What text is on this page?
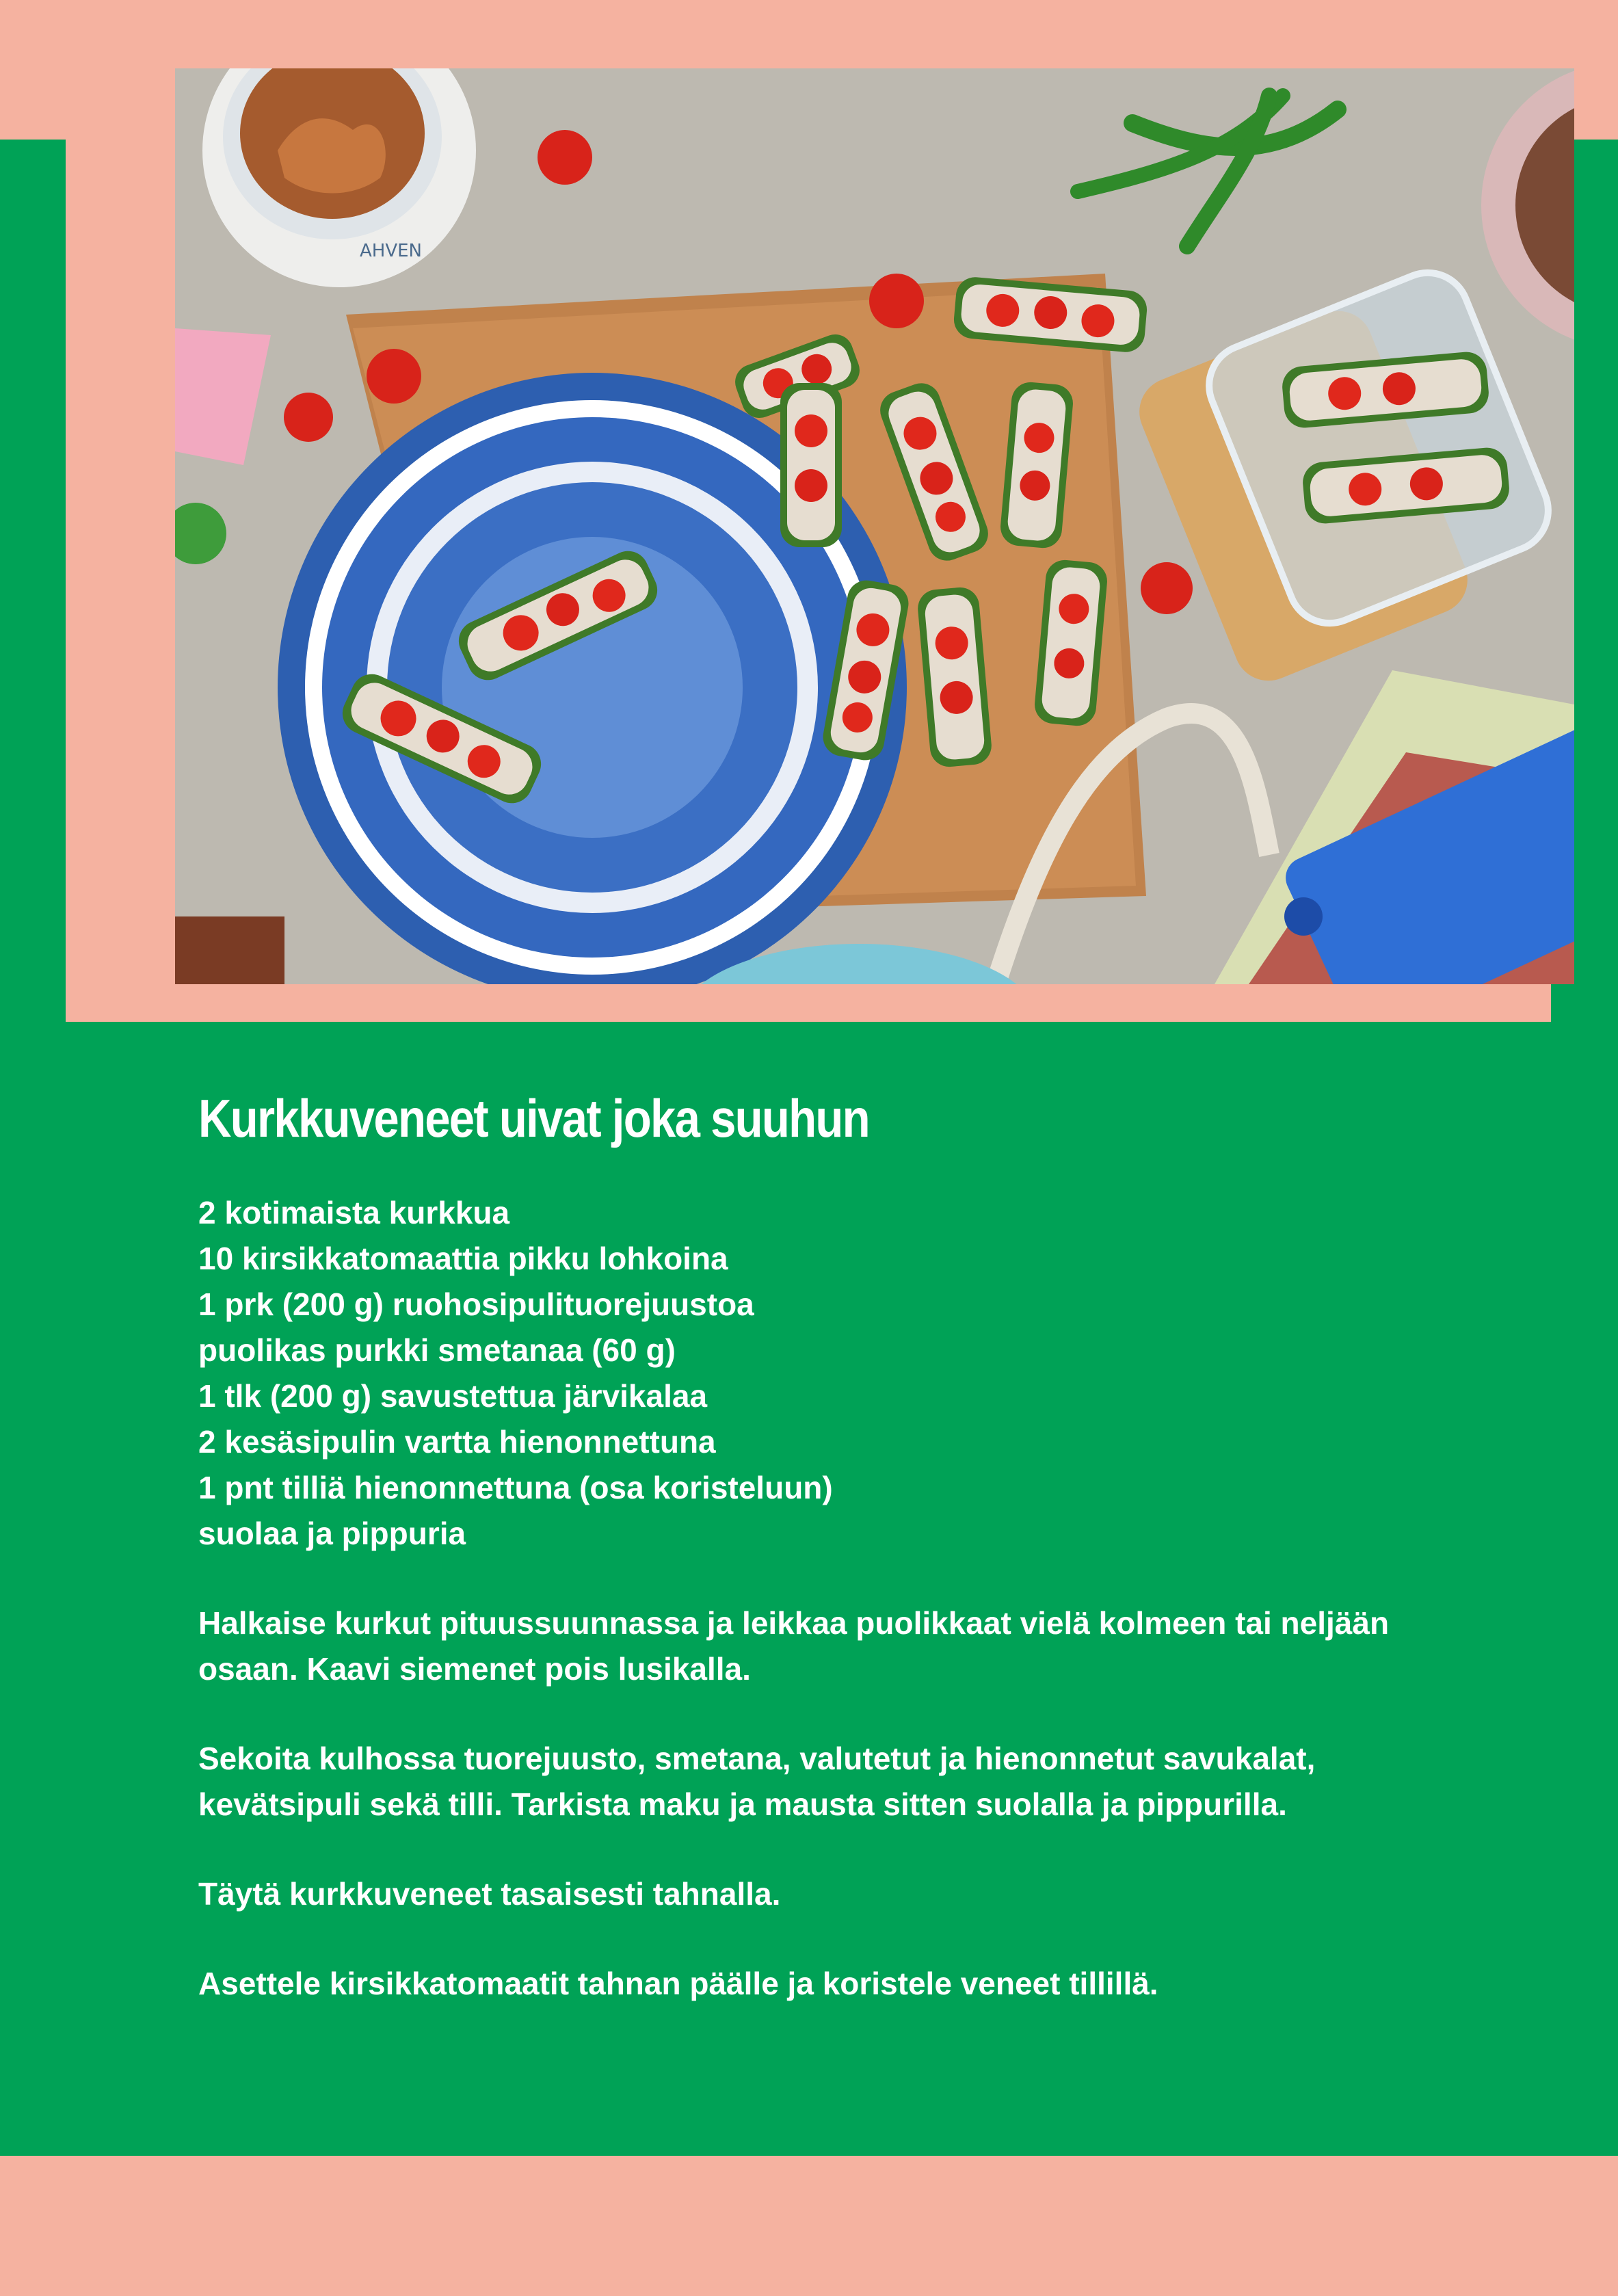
AHVEN
Kurkkuveneet uivat joka suuhun
2 kotimaista kurkkua
10 kirsikkatomaattia pikku lohkoina
1 prk (200 g) ruohosipulituorejuustoa
puolikas purkki smetanaa (60 g)
1 tlk (200 g) savustettua järvikalaa
2 kesäsipulin vartta hienonnettuna
1 pnt tilliä hienonnettuna (osa koristeluun)
suolaa ja pippuria

Halkaise kurkut pituussuunnassa ja leikkaa puolikkaat vielä kolmeen tai neljään osaan. Kaavi siemenet pois lusikalla.

Sekoita kulhossa tuorejuusto, smetana, valutetut ja hienonnetut savukalat, kevätsipuli sekä tilli. Tarkista maku ja mausta sitten suolalla ja pippurilla.

Täytä kurkkuveneet tasaisesti tahnalla.

Asettele kirsikkatomaatit tahnan päälle ja koristele veneet tillillä.
